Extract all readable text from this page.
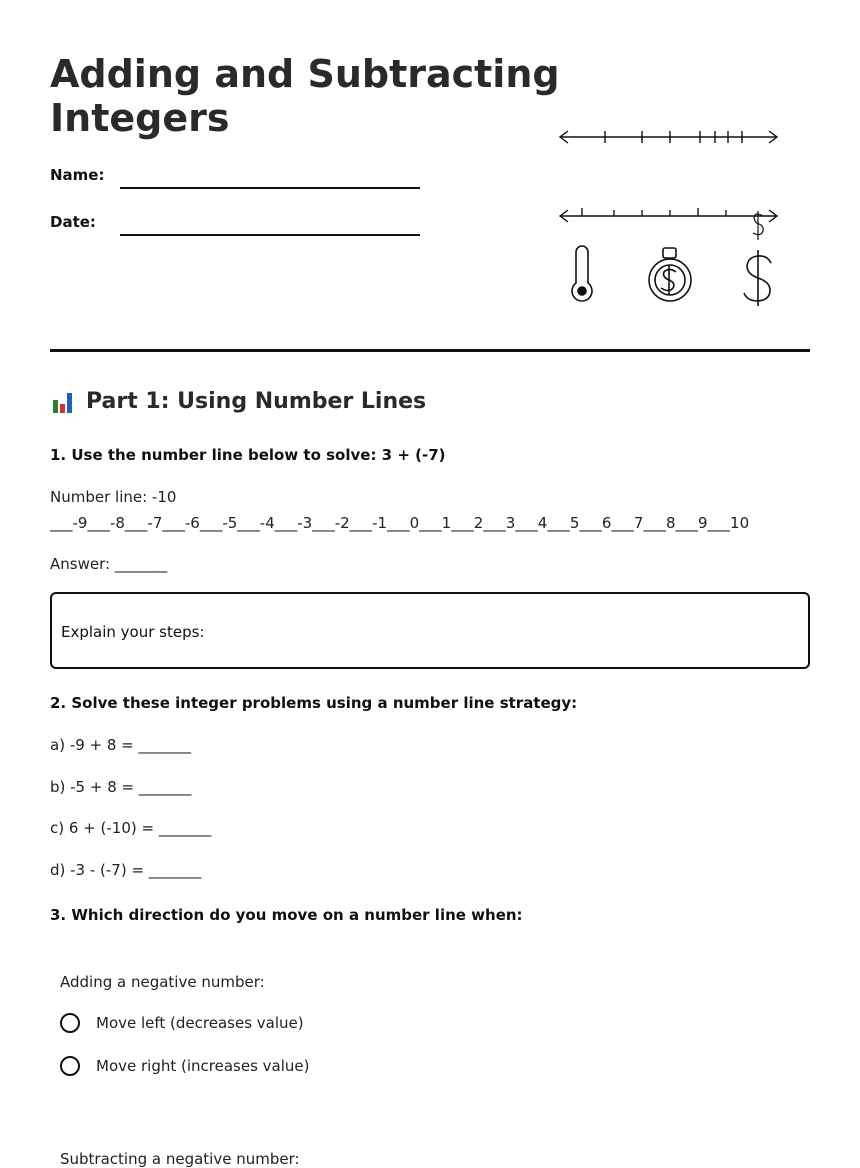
Adding and Subtracting Integers
Name:
Date:
Part 1: Using Number Lines
1. Use the number line below to solve: 3 + (-7)
Number line: -10
___-9___-8___-7___-6___-5___-4___-3___-2___-1___0___1___2___3___4___5___6___7___8___9___10
Answer: _______
Explain your steps:
2. Solve these integer problems using a number line strategy:
a) -9 + 8 = _______
b) -5 + 8 = _______
c) 6 + (-10) = _______
d) -3 - (-7) = _______
3. Which direction do you move on a number line when:
Adding a negative number:
Move left (decreases value)
Move right (increases value)
Subtracting a negative number:
